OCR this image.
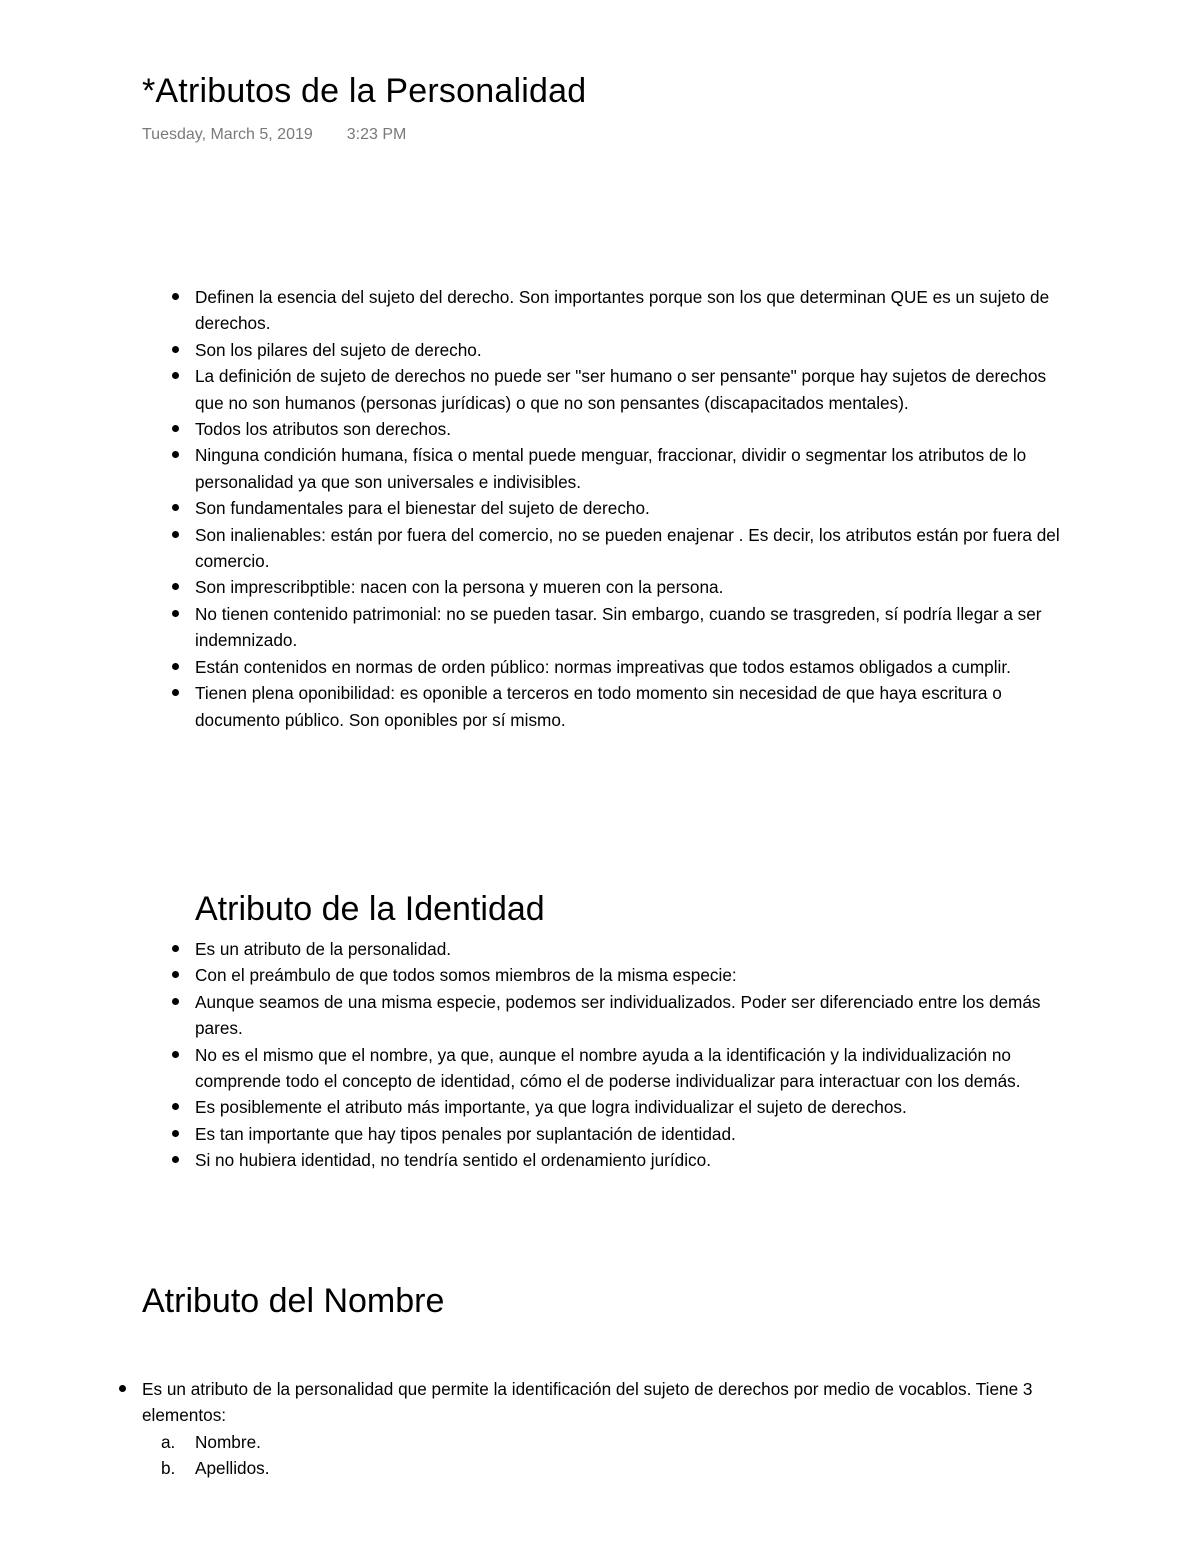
*Atributos de la Personalidad
Tuesday, March 5, 2019 3:23 PM
Definen la esencia del sujeto del derecho. Son importantes porque son los que determinan QUE es un sujeto de derechos.
Son los pilares del sujeto de derecho.
La definición de sujeto de derechos no puede ser "ser humano o ser pensante" porque hay sujetos de derechos que no son humanos (personas jurídicas) o que no son pensantes (discapacitados mentales).
Todos los atributos son derechos.
Ninguna condición humana, física o mental puede menguar, fraccionar, dividir o segmentar los atributos de lo personalidad ya que son universales e indivisibles.
Son fundamentales para el bienestar del sujeto de derecho.
Son inalienables: están por fuera del comercio, no se pueden enajenar . Es decir, los atributos están por fuera del comercio.
Son imprescribptible: nacen con la persona y mueren con la persona.
No tienen contenido patrimonial: no se pueden tasar. Sin embargo, cuando se trasgreden, sí podría llegar a ser indemnizado.
Están contenidos en normas de orden público: normas impreativas que todos estamos obligados a cumplir.
Tienen plena oponibilidad: es oponible a terceros en todo momento sin necesidad de que haya escritura o documento público. Son oponibles por sí mismo.
Atributo de la Identidad
Es un atributo de la personalidad.
Con el preámbulo de que todos somos miembros de la misma especie:
Aunque seamos de una misma especie, podemos ser individualizados. Poder ser diferenciado entre los demás pares.
No es el mismo que el nombre, ya que, aunque el nombre ayuda a la identificación y la individualización no comprende todo el concepto de identidad, cómo el de poderse individualizar para interactuar con los demás.
Es posiblemente el atributo más importante, ya que logra individualizar el sujeto de derechos.
Es tan importante que hay tipos penales por suplantación de identidad.
Si no hubiera identidad, no tendría sentido el ordenamiento jurídico.
Atributo del Nombre
Es un atributo de la personalidad que permite la identificación del sujeto de derechos por medio de vocablos. Tiene 3 elementos:
a. Nombre.
b. Apellidos.
